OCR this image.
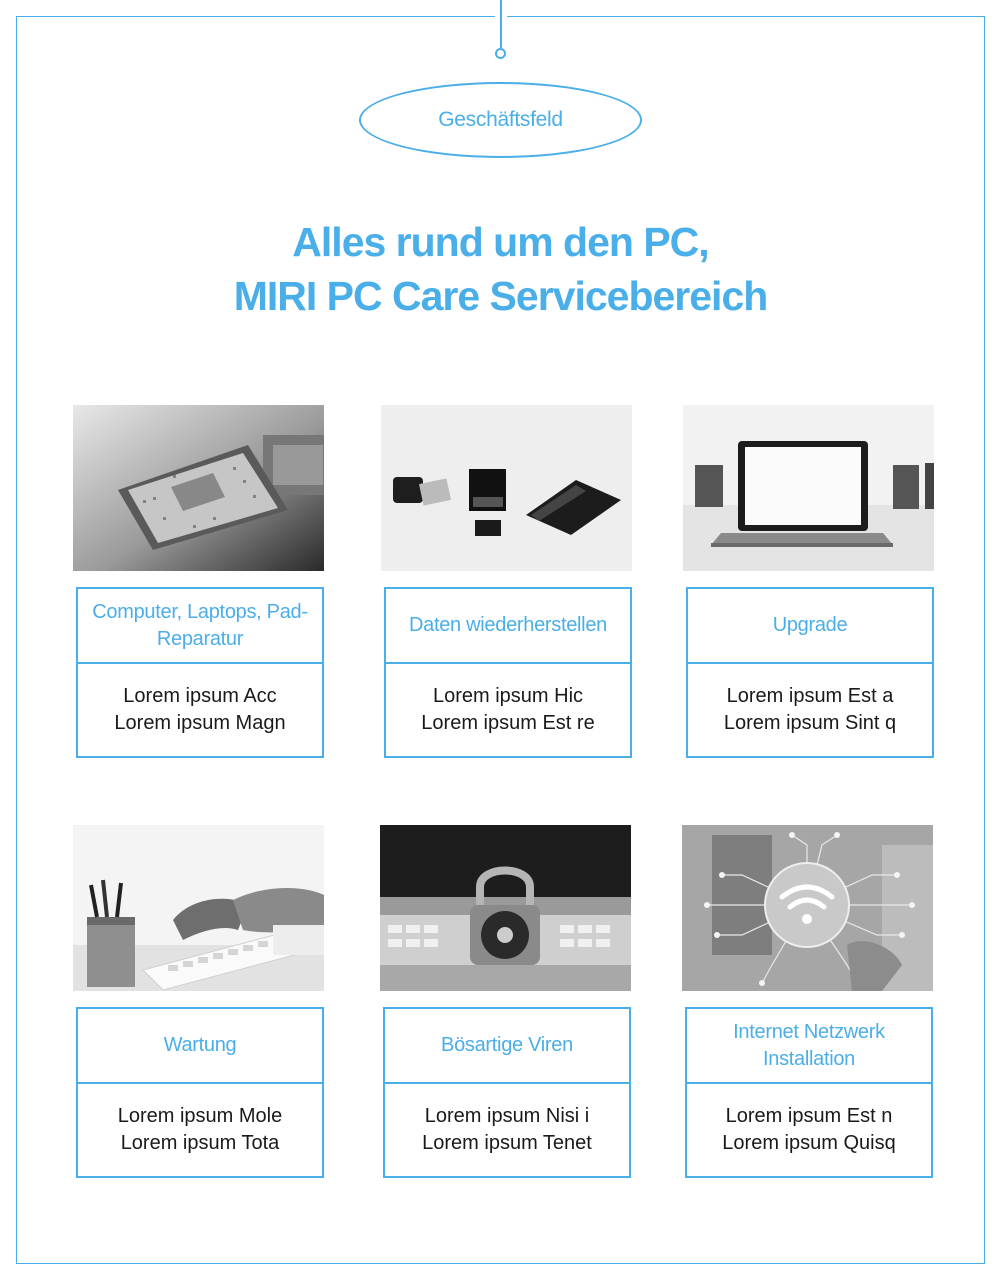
Geschäftsfeld
Alles rund um den PC,
MIRI PC Care Servicebereich
Computer, Laptops, Pad-Reparatur
Lorem ipsum Acc
Lorem ipsum Magn
Daten wiederherstellen
Lorem ipsum Hic
Lorem ipsum Est re
Upgrade
Lorem ipsum Est a
Lorem ipsum Sint q
Wartung
Lorem ipsum Mole
Lorem ipsum Tota
Bösartige Viren
Lorem ipsum Nisi i
Lorem ipsum Tenet
Internet Netzwerk Installation
Lorem ipsum Est n
Lorem ipsum Quisq
